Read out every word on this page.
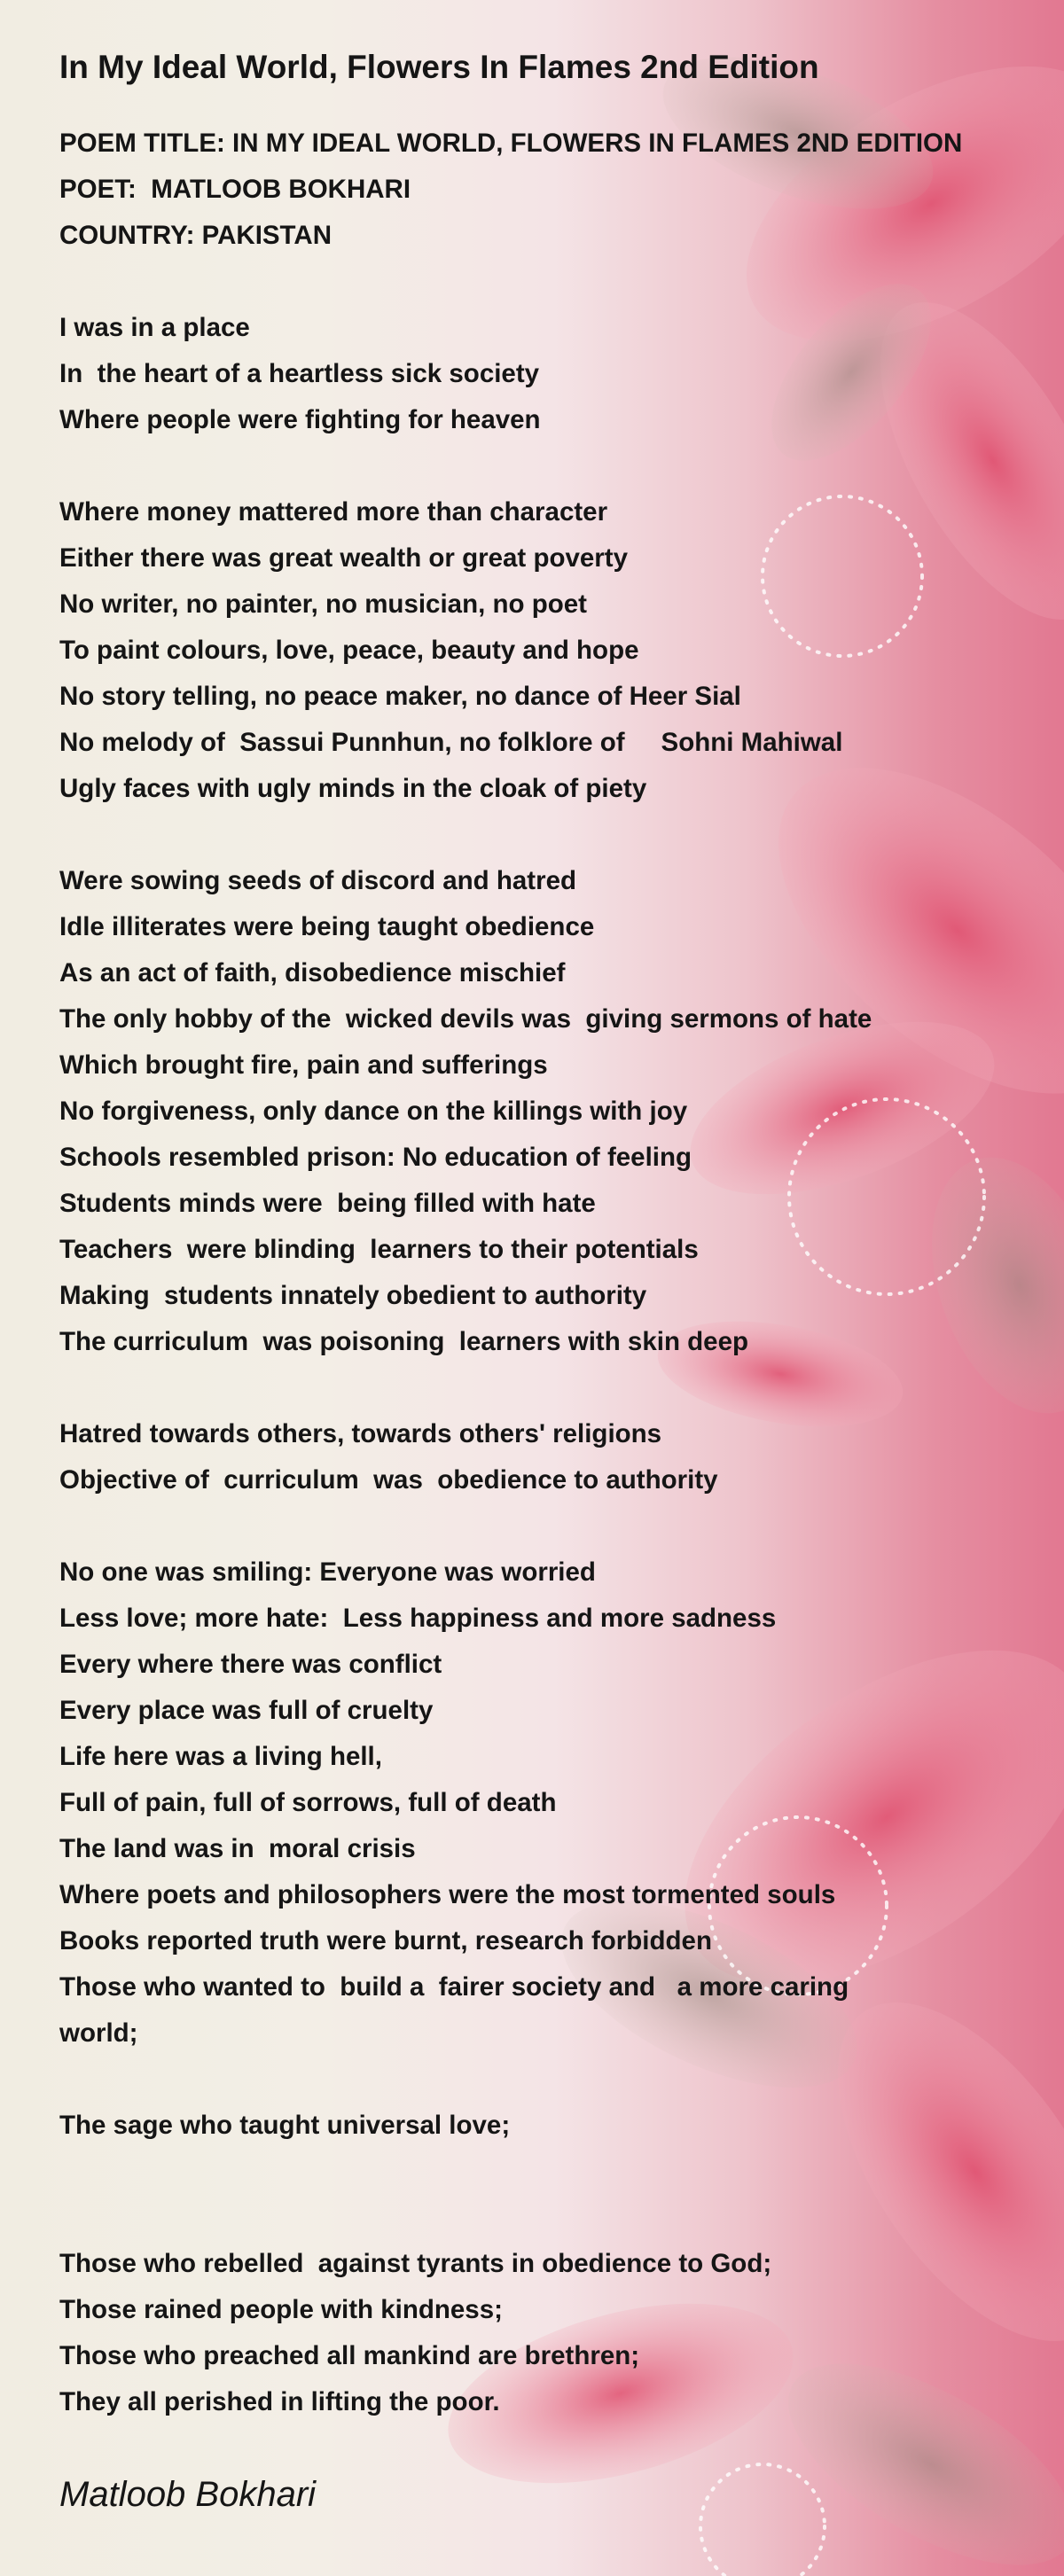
In My Ideal World, Flowers In Flames 2nd Edition
POEM TITLE: IN MY IDEAL WORLD, FLOWERS IN FLAMES 2ND EDITION
POET:  MATLOOB BOKHARI
COUNTRY: PAKISTAN
I was in a place
In  the heart of a heartless sick society
Where people were fighting for heaven
Where money mattered more than character
Either there was great wealth or great poverty
No writer, no painter, no musician, no poet
To paint colours, love, peace, beauty and hope
No story telling, no peace maker, no dance of Heer Sial
No melody of  Sassui Punnhun, no folklore of     Sohni Mahiwal
Ugly faces with ugly minds in the cloak of piety
Were sowing seeds of discord and hatred
Idle illiterates were being taught obedience
As an act of faith, disobedience mischief
The only hobby of the  wicked devils was  giving sermons of hate
Which brought fire, pain and sufferings
No forgiveness, only dance on the killings with joy
Schools resembled prison: No education of feeling
Students minds were  being filled with hate
Teachers  were blinding  learners to their potentials
Making  students innately obedient to authority
The curriculum  was poisoning  learners with skin deep
Hatred towards others, towards others' religions
Objective of  curriculum  was  obedience to authority
No one was smiling: Everyone was worried
Less love; more hate:  Less happiness and more sadness
Every where there was conflict
Every place was full of cruelty
Life here was a living hell,
Full of pain, full of sorrows, full of death
The land was in  moral crisis
Where poets and philosophers were the most tormented souls
Books reported truth were burnt, research forbidden
Those who wanted to  build a  fairer society and   a more caring
world;
The sage who taught universal love;
Those who rebelled  against tyrants in obedience to God;
Those rained people with kindness;
Those who preached all mankind are brethren;
They all perished in lifting the poor.
Matloob Bokhari
